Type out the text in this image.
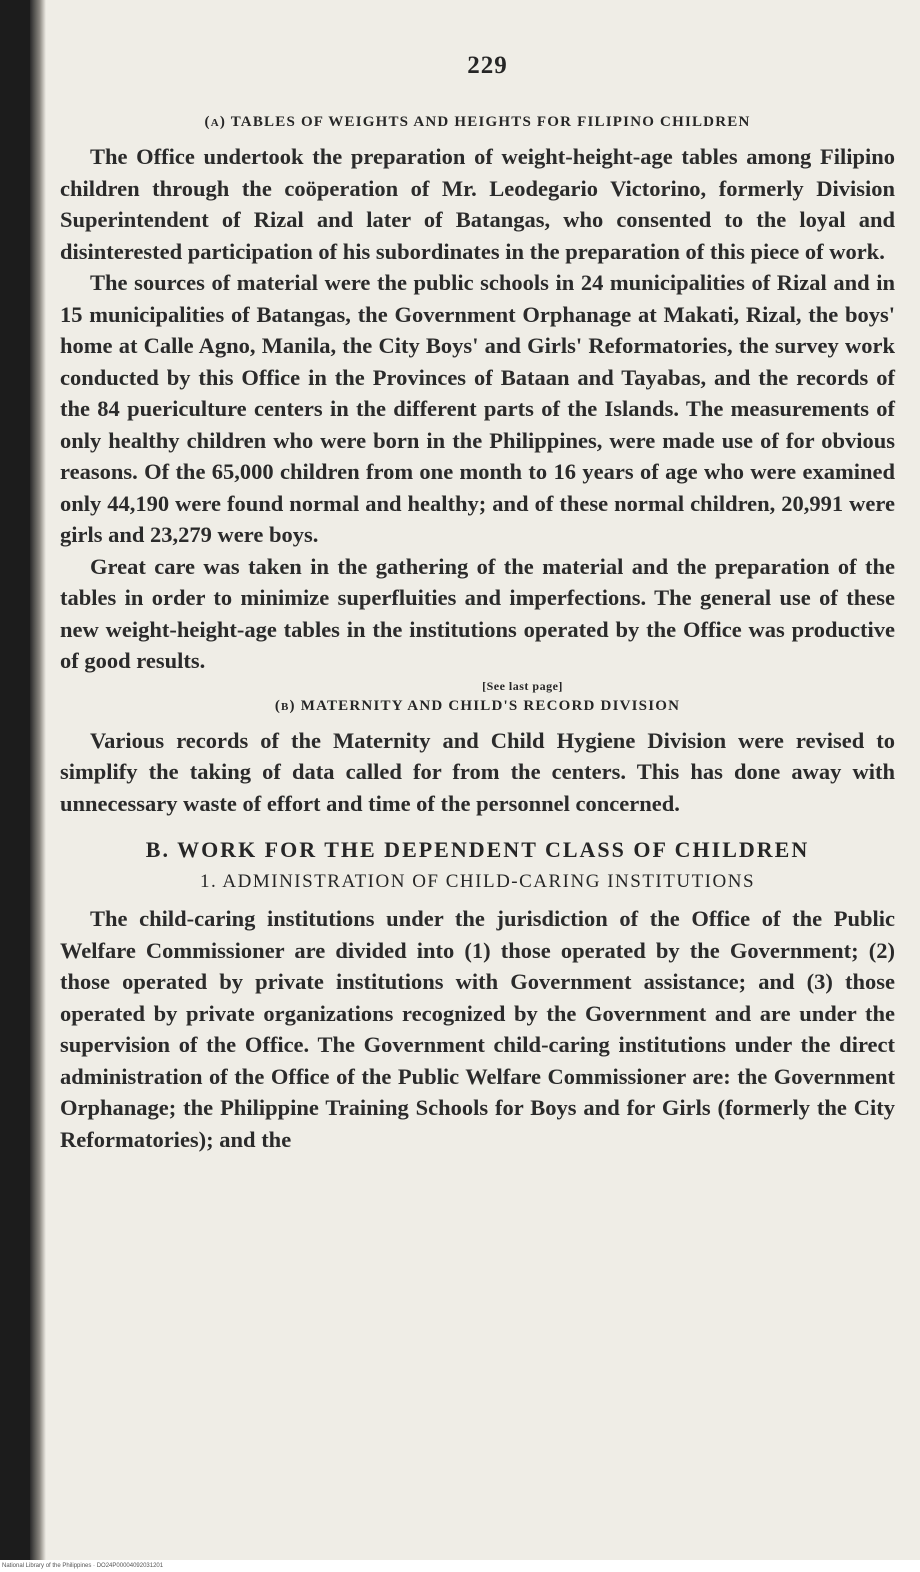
229
(a) TABLES OF WEIGHTS AND HEIGHTS FOR FILIPINO CHILDREN

The Office undertook the preparation of weight-height-age tables among Filipino children through the coöperation of Mr. Leodegario Victorino, formerly Division Superintendent of Rizal and later of Batangas, who consented to the loyal and disinterested participation of his subordinates in the preparation of this piece of work.

The sources of material were the public schools in 24 municipalities of Rizal and in 15 municipalities of Batangas, the Government Orphanage at Makati, Rizal, the boys' home at Calle Agno, Manila, the City Boys' and Girls' Reformatories, the survey work conducted by this Office in the Provinces of Bataan and Tayabas, and the records of the 84 puericulture centers in the different parts of the Islands. The measurements of only healthy children who were born in the Philippines, were made use of for obvious reasons. Of the 65,000 children from one month to 16 years of age who were examined only 44,190 were found normal and healthy; and of these normal children, 20,991 were girls and 23,279 were boys.

Great care was taken in the gathering of the material and the preparation of the tables in order to minimize superfluities and imperfections. The general use of these new weight-height-age tables in the institutions operated by the Office was productive of good results.

[See last page]
(b) MATERNITY AND CHILD'S RECORD DIVISION

Various records of the Maternity and Child Hygiene Division were revised to simplify the taking of data called for from the centers. This has done away with unnecessary waste of effort and time of the personnel concerned.

B. WORK FOR THE DEPENDENT CLASS OF CHILDREN
1. ADMINISTRATION OF CHILD-CARING INSTITUTIONS

The child-caring institutions under the jurisdiction of the Office of the Public Welfare Commissioner are divided into (1) those operated by the Government; (2) those operated by private institutions with Government assistance; and (3) those operated by private organizations recognized by the Government and are under the supervision of the Office. The Government child-caring institutions under the direct administration of the Office of the Public Welfare Commissioner are: the Government Orphanage; the Philippine Training Schools for Boys and for Girls (formerly the City Reformatories); and the

National Library of the Philippines · DO24P00004092031201
